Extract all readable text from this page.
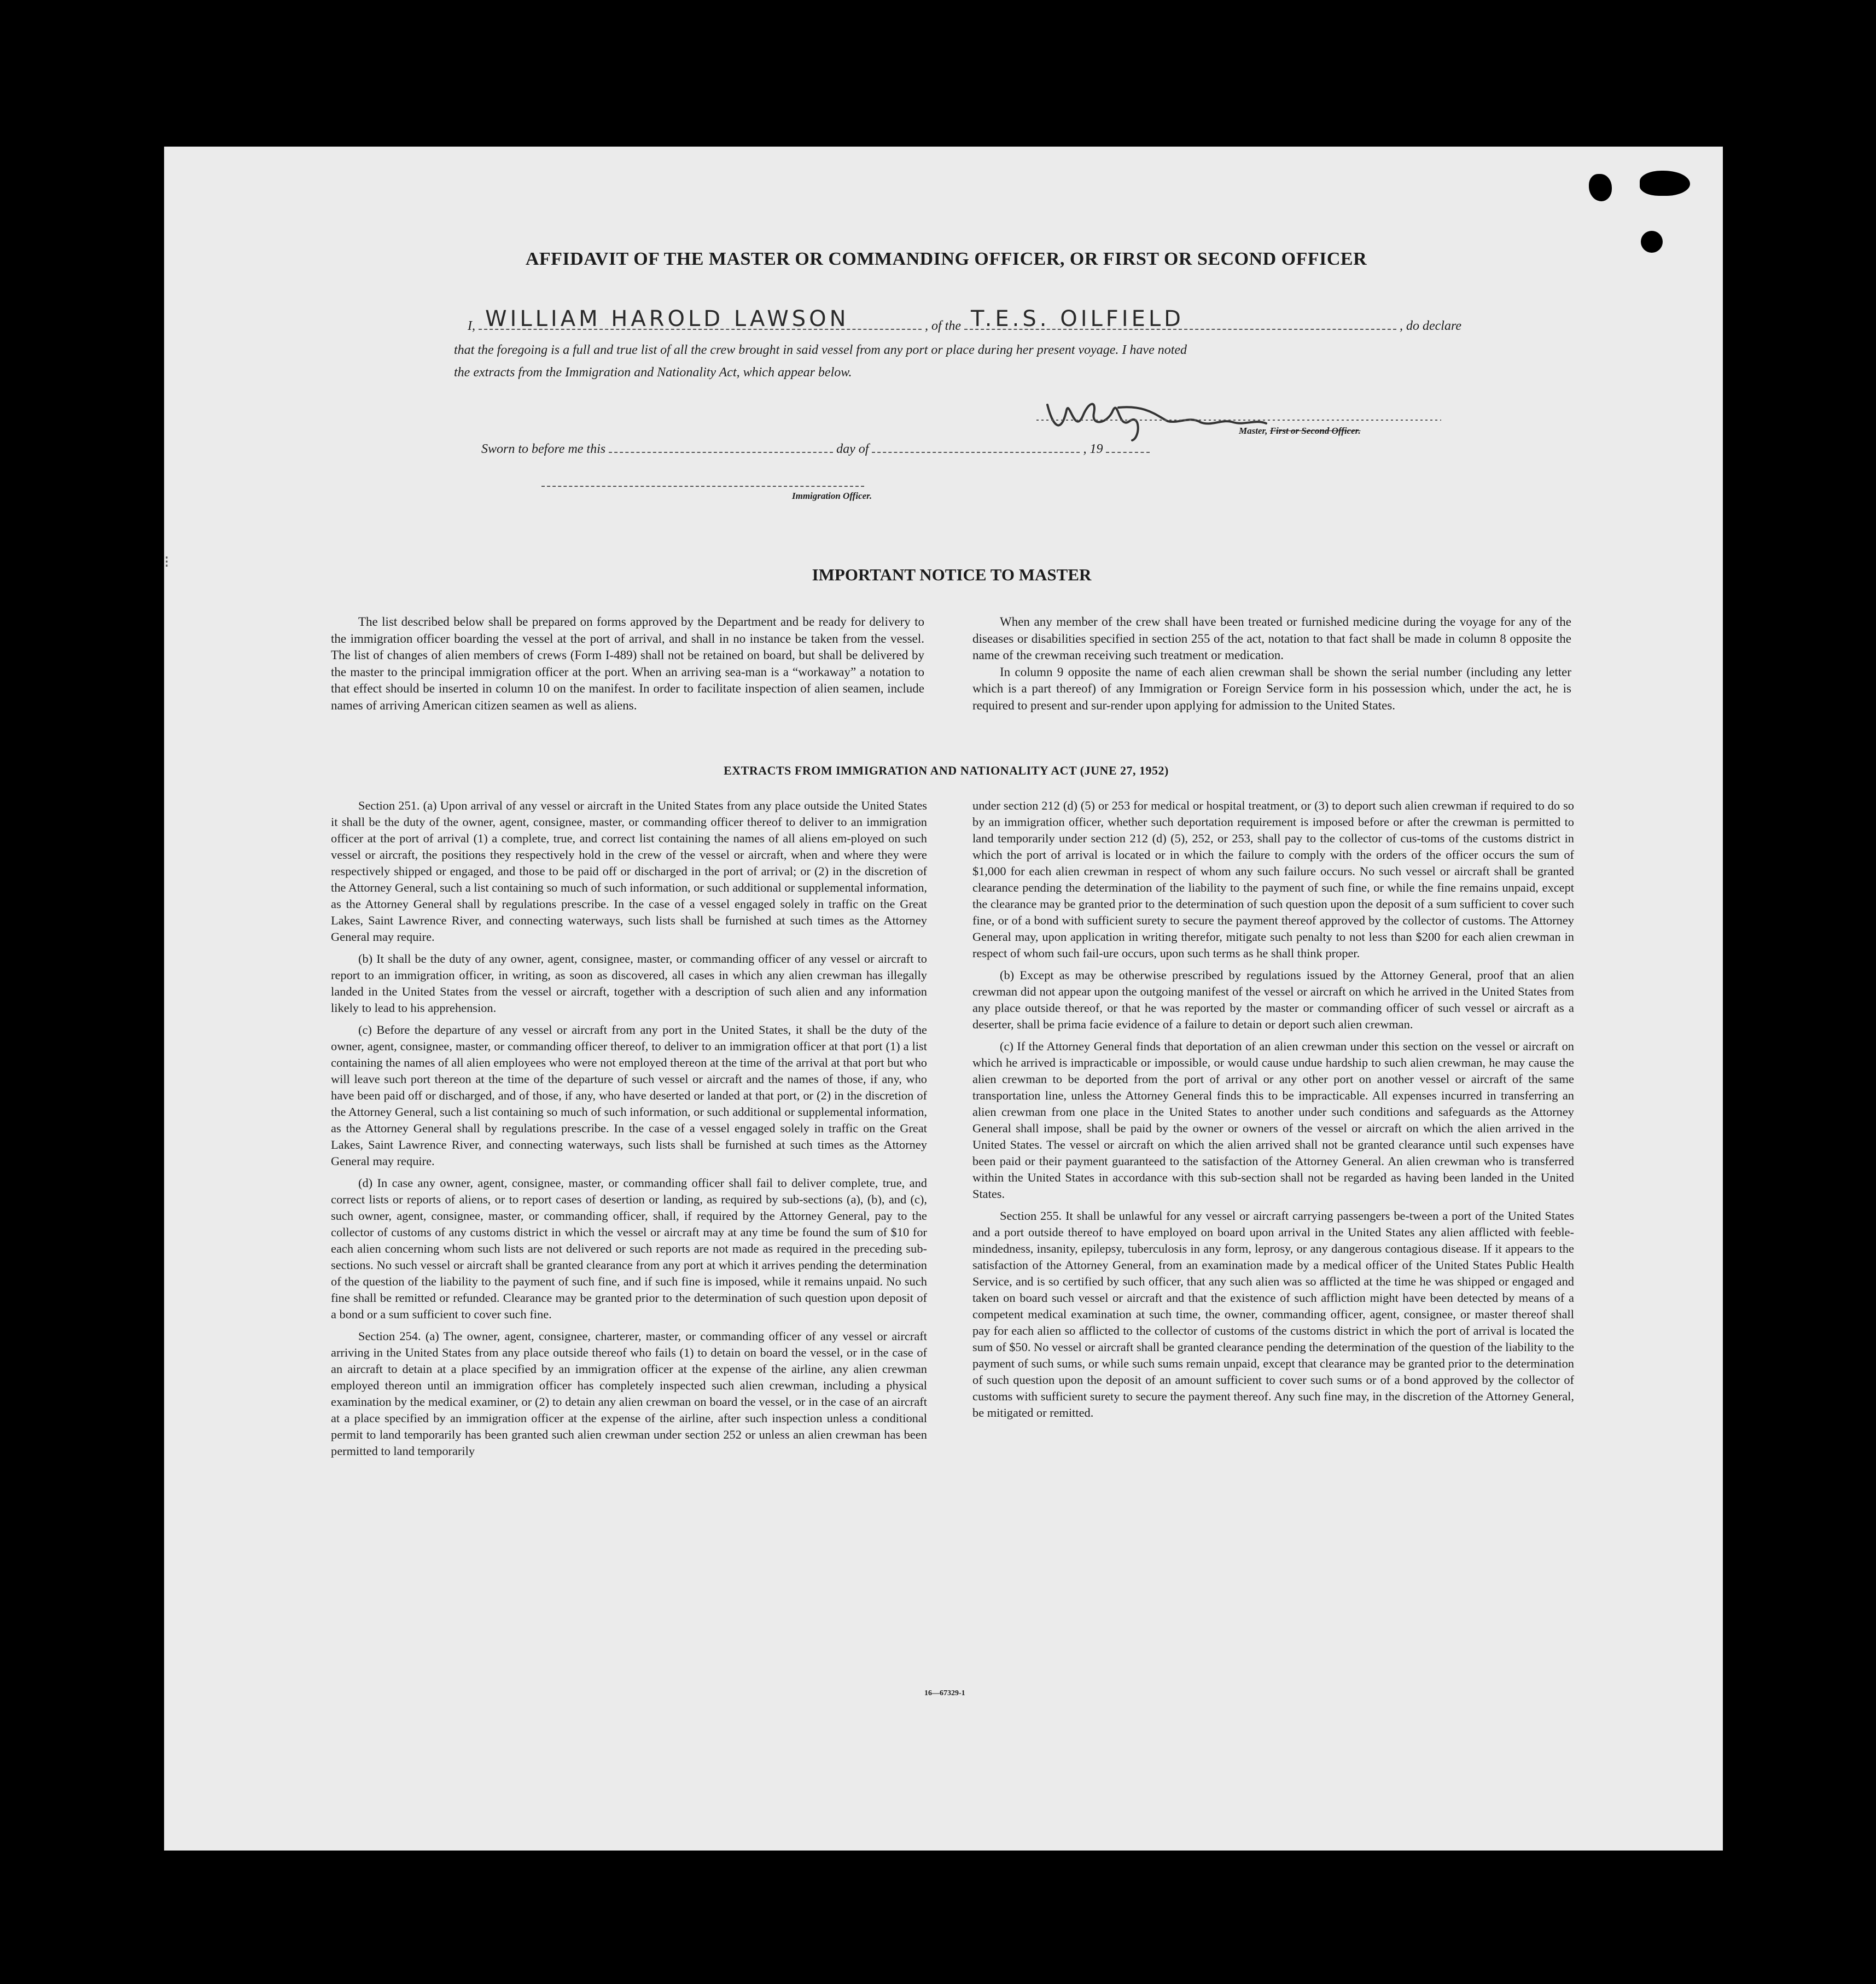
⁝
AFFIDAVIT OF THE MASTER OR COMMANDING OFFICER, OR FIRST OR SECOND OFFICER
I, WILLIAM HAROLD LAWSON	, of the T.E.S. OILFIELD	, do declare
that the foregoing is a full and true list of all the crew brought in said vessel from any port or place during her present voyage. I have noted
the extracts from the Immigration and Nationality Act, which appear below.
Master, First or Second Officer.
Sworn to before me this	day of	, 19
Immigration Officer.
IMPORTANT NOTICE TO MASTER

The list described below shall be prepared on forms approved by the Department and be ready for delivery to the immigration officer boarding the vessel at the port of arrival, and shall in no instance be taken from the vessel. The list of changes of alien members of crews (Form I-489) shall not be retained on board, but shall be delivered by the master to the principal immigration officer at the port. When an arriving sea-man is a “workaway” a notation to that effect should be inserted in column 10 on the manifest. In order to facilitate inspection of alien seamen, include names of arriving American citizen seamen as well as aliens.

When any member of the crew shall have been treated or furnished medicine during the voyage for any of the diseases or disabilities specified in section 255 of the act, notation to that fact shall be made in column 8 opposite the name of the crewman receiving such treatment or medication.

In column 9 opposite the name of each alien crewman shall be shown the serial number (including any letter which is a part thereof) of any Immigration or Foreign Service form in his possession which, under the act, he is required to present and sur-render upon applying for admission to the United States.

EXTRACTS FROM IMMIGRATION AND NATIONALITY ACT (JUNE 27, 1952)

Section 251. (a) Upon arrival of any vessel or aircraft in the United States from any place outside the United States it shall be the duty of the owner, agent, consignee, master, or commanding officer thereof to deliver to an immigration officer at the port of arrival (1) a complete, true, and correct list containing the names of all aliens em-ployed on such vessel or aircraft, the positions they respectively hold in the crew of the vessel or aircraft, when and where they were respectively shipped or engaged, and those to be paid off or discharged in the port of arrival; or (2) in the discretion of the Attorney General, such a list containing so much of such information, or such additional or supplemental information, as the Attorney General shall by regulations prescribe. In the case of a vessel engaged solely in traffic on the Great Lakes, Saint Lawrence River, and connecting waterways, such lists shall be furnished at such times as the Attorney General may require.

(b) It shall be the duty of any owner, agent, consignee, master, or commanding officer of any vessel or aircraft to report to an immigration officer, in writing, as soon as discovered, all cases in which any alien crewman has illegally landed in the United States from the vessel or aircraft, together with a description of such alien and any information likely to lead to his apprehension.

(c) Before the departure of any vessel or aircraft from any port in the United States, it shall be the duty of the owner, agent, consignee, master, or commanding officer thereof, to deliver to an immigration officer at that port (1) a list containing the names of all alien employees who were not employed thereon at the time of the arrival at that port but who will leave such port thereon at the time of the departure of such vessel or aircraft and the names of those, if any, who have been paid off or discharged, and of those, if any, who have deserted or landed at that port, or (2) in the discretion of the Attorney General, such a list containing so much of such information, or such additional or supplemental information, as the Attorney General shall by regulations prescribe. In the case of a vessel engaged solely in traffic on the Great Lakes, Saint Lawrence River, and connecting waterways, such lists shall be furnished at such times as the Attorney General may require.

(d) In case any owner, agent, consignee, master, or commanding officer shall fail to deliver complete, true, and correct lists or reports of aliens, or to report cases of desertion or landing, as required by sub-sections (a), (b), and (c), such owner, agent, consignee, master, or commanding officer, shall, if required by the Attorney General, pay to the collector of customs of any customs district in which the vessel or aircraft may at any time be found the sum of $10 for each alien concerning whom such lists are not delivered or such reports are not made as required in the preceding sub-sections. No such vessel or aircraft shall be granted clearance from any port at which it arrives pending the determination of the question of the liability to the payment of such fine, and if such fine is imposed, while it remains unpaid. No such fine shall be remitted or refunded. Clearance may be granted prior to the determination of such question upon deposit of a bond or a sum sufficient to cover such fine.

Section 254. (a) The owner, agent, consignee, charterer, master, or commanding officer of any vessel or aircraft arriving in the United States from any place outside thereof who fails (1) to detain on board the vessel, or in the case of an aircraft to detain at a place specified by an immigration officer at the expense of the airline, any alien crewman employed thereon until an immigration officer has completely inspected such alien crewman, including a physical examination by the medical examiner, or (2) to detain any alien crewman on board the vessel, or in the case of an aircraft at a place specified by an immigration officer at the expense of the airline, after such inspection unless a conditional permit to land temporarily has been granted such alien crewman under section 252 or unless an alien crewman has been permitted to land temporarily

under section 212 (d) (5) or 253 for medical or hospital treatment, or (3) to deport such alien crewman if required to do so by an immigration officer, whether such deportation requirement is imposed before or after the crewman is permitted to land temporarily under section 212 (d) (5), 252, or 253, shall pay to the collector of cus-toms of the customs district in which the port of arrival is located or in which the failure to comply with the orders of the officer occurs the sum of $1,000 for each alien crewman in respect of whom any such failure occurs. No such vessel or aircraft shall be granted clearance pending the determination of the liability to the payment of such fine, or while the fine remains unpaid, except the clearance may be granted prior to the determination of such question upon the deposit of a sum sufficient to cover such fine, or of a bond with sufficient surety to secure the payment thereof approved by the collector of customs. The Attorney General may, upon application in writing therefor, mitigate such penalty to not less than $200 for each alien crewman in respect of whom such fail-ure occurs, upon such terms as he shall think proper.

(b) Except as may be otherwise prescribed by regulations issued by the Attorney General, proof that an alien crewman did not appear upon the outgoing manifest of the vessel or aircraft on which he arrived in the United States from any place outside thereof, or that he was reported by the master or commanding officer of such vessel or aircraft as a deserter, shall be prima facie evidence of a failure to detain or deport such alien crewman.

(c) If the Attorney General finds that deportation of an alien crewman under this section on the vessel or aircraft on which he arrived is impracticable or impossible, or would cause undue hardship to such alien crewman, he may cause the alien crewman to be deported from the port of arrival or any other port on another vessel or aircraft of the same transportation line, unless the Attorney General finds this to be impracticable. All expenses incurred in transferring an alien crewman from one place in the United States to another under such conditions and safeguards as the Attorney General shall impose, shall be paid by the owner or owners of the vessel or aircraft on which the alien arrived in the United States. The vessel or aircraft on which the alien arrived shall not be granted clearance until such expenses have been paid or their payment guaranteed to the satisfaction of the Attorney General. An alien crewman who is transferred within the United States in accordance with this sub-section shall not be regarded as having been landed in the United States.

Section 255. It shall be unlawful for any vessel or aircraft carrying passengers be-tween a port of the United States and a port outside thereof to have employed on board upon arrival in the United States any alien afflicted with feeble-mindedness, insanity, epilepsy, tuberculosis in any form, leprosy, or any dangerous contagious disease. If it appears to the satisfaction of the Attorney General, from an examination made by a medical officer of the United States Public Health Service, and is so certified by such officer, that any such alien was so afflicted at the time he was shipped or engaged and taken on board such vessel or aircraft and that the existence of such affliction might have been detected by means of a competent medical examination at such time, the owner, commanding officer, agent, consignee, or master thereof shall pay for each alien so afflicted to the collector of customs of the customs district in which the port of arrival is located the sum of $50. No vessel or aircraft shall be granted clearance pending the determination of the question of the liability to the payment of such sums, or while such sums remain unpaid, except that clearance may be granted prior to the determination of such question upon the deposit of an amount sufficient to cover such sums or of a bond approved by the collector of customs with sufficient surety to secure the payment thereof. Any such fine may, in the discretion of the Attorney General, be mitigated or remitted.

16—67329-1
